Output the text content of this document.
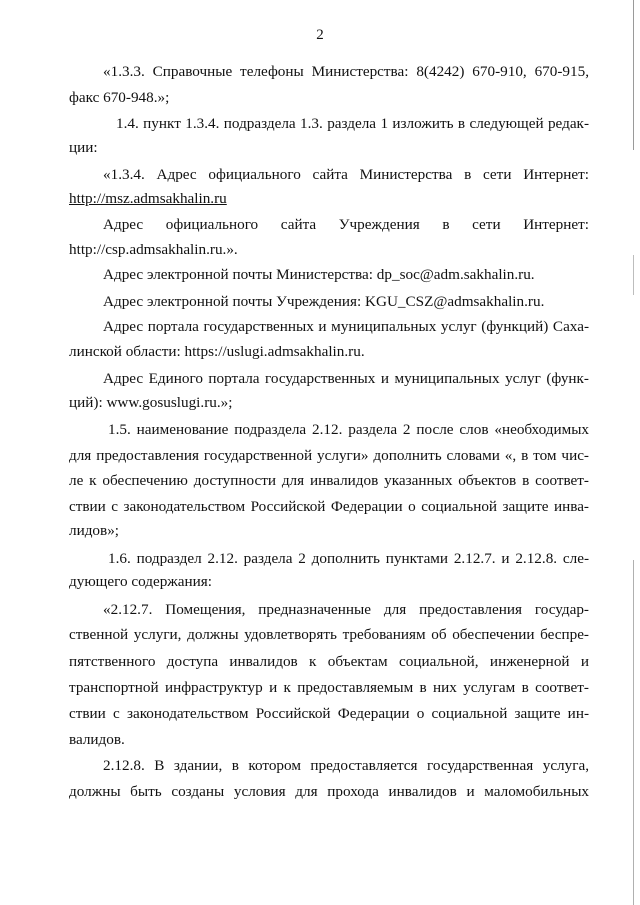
2
«1.3.3. Справочные телефоны Министерства: 8(4242) 670-910, 670-915,
факс 670-948.»;
1.4. пункт 1.3.4. подраздела 1.3. раздела 1 изложить в следующей редак-
ции:
«1.3.4. Адрес официального сайта Министерства в сети Интернет:
http://msz.admsakhalin.ru
Адрес официального сайта Учреждения в сети Интернет:
http://csp.admsakhalin.ru.».
Адрес электронной почты Министерства: dp_soc@adm.sakhalin.ru.
Адрес электронной почты Учреждения: KGU_CSZ@admsakhalin.ru.
Адрес портала государственных и муниципальных услуг (функций) Саха-
линской области: https://uslugi.admsakhalin.ru.
Адрес Единого портала государственных и муниципальных услуг (функ-
ций): www.gosuslugi.ru.»;
1.5. наименование подраздела 2.12. раздела 2 после слов «необходимых
для предоставления государственной услуги» дополнить словами «, в том чис-
ле к обеспечению доступности для инвалидов указанных объектов в соответ-
ствии с законодательством Российской Федерации о социальной защите инва-
лидов»;
1.6. подраздел 2.12. раздела 2 дополнить пунктами 2.12.7. и 2.12.8. сле-
дующего содержания:
«2.12.7. Помещения, предназначенные для предоставления государ-
ственной услуги, должны удовлетворять требованиям об обеспечении беспре-
пятственного доступа инвалидов к объектам социальной, инженерной и
транспортной инфраструктур и к предоставляемым в них услугам в соответ-
ствии с законодательством Российской Федерации о социальной защите ин-
валидов.
2.12.8. В здании, в котором предоставляется государственная услуга,
должны быть созданы условия для прохода инвалидов и маломобильных
